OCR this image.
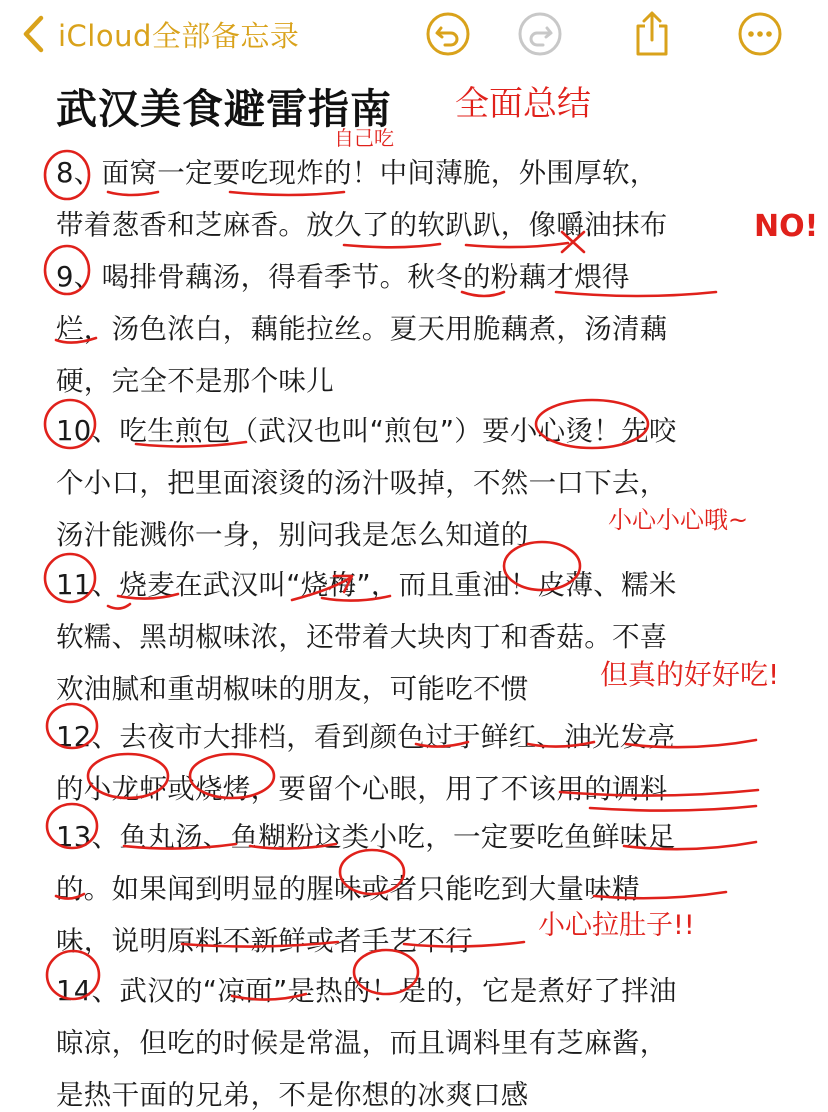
iCloud全部备忘录
武汉美食避雷指南
8、面窝一定要吃现炸的！中间薄脆，外围厚软，
带着葱香和芝麻香。放久了的软趴趴，像嚼油抹布
9、喝排骨藕汤，得看季节。秋冬的粉藕才煨得
烂，汤色浓白，藕能拉丝。夏天用脆藕煮，汤清藕
硬，完全不是那个味儿
10、吃生煎包（武汉也叫“煎包”）要小心烫！先咬
个小口，把里面滚烫的汤汁吸掉，不然一口下去，
汤汁能溅你一身，别问我是怎么知道的
11、烧麦在武汉叫“烧梅”，而且重油！皮薄、糯米
软糯、黑胡椒味浓，还带着大块肉丁和香菇。不喜
欢油腻和重胡椒味的朋友，可能吃不惯
12、去夜市大排档，看到颜色过于鲜红、油光发亮
的小龙虾或烧烤，要留个心眼，用了不该用的调料
13、鱼丸汤、鱼糊粉这类小吃，一定要吃鱼鲜味足
的。如果闻到明显的腥味或者只能吃到大量味精
味，说明原料不新鲜或者手艺不行
14、武汉的“凉面”是热的！是的，它是煮好了拌油
晾凉，但吃的时候是常温，而且调料里有芝麻酱，
是热干面的兄弟，不是你想的冰爽口感
全面总结
自己吃
NO!
小心小心哦~
但真的好好吃!
小心拉肚子!!
